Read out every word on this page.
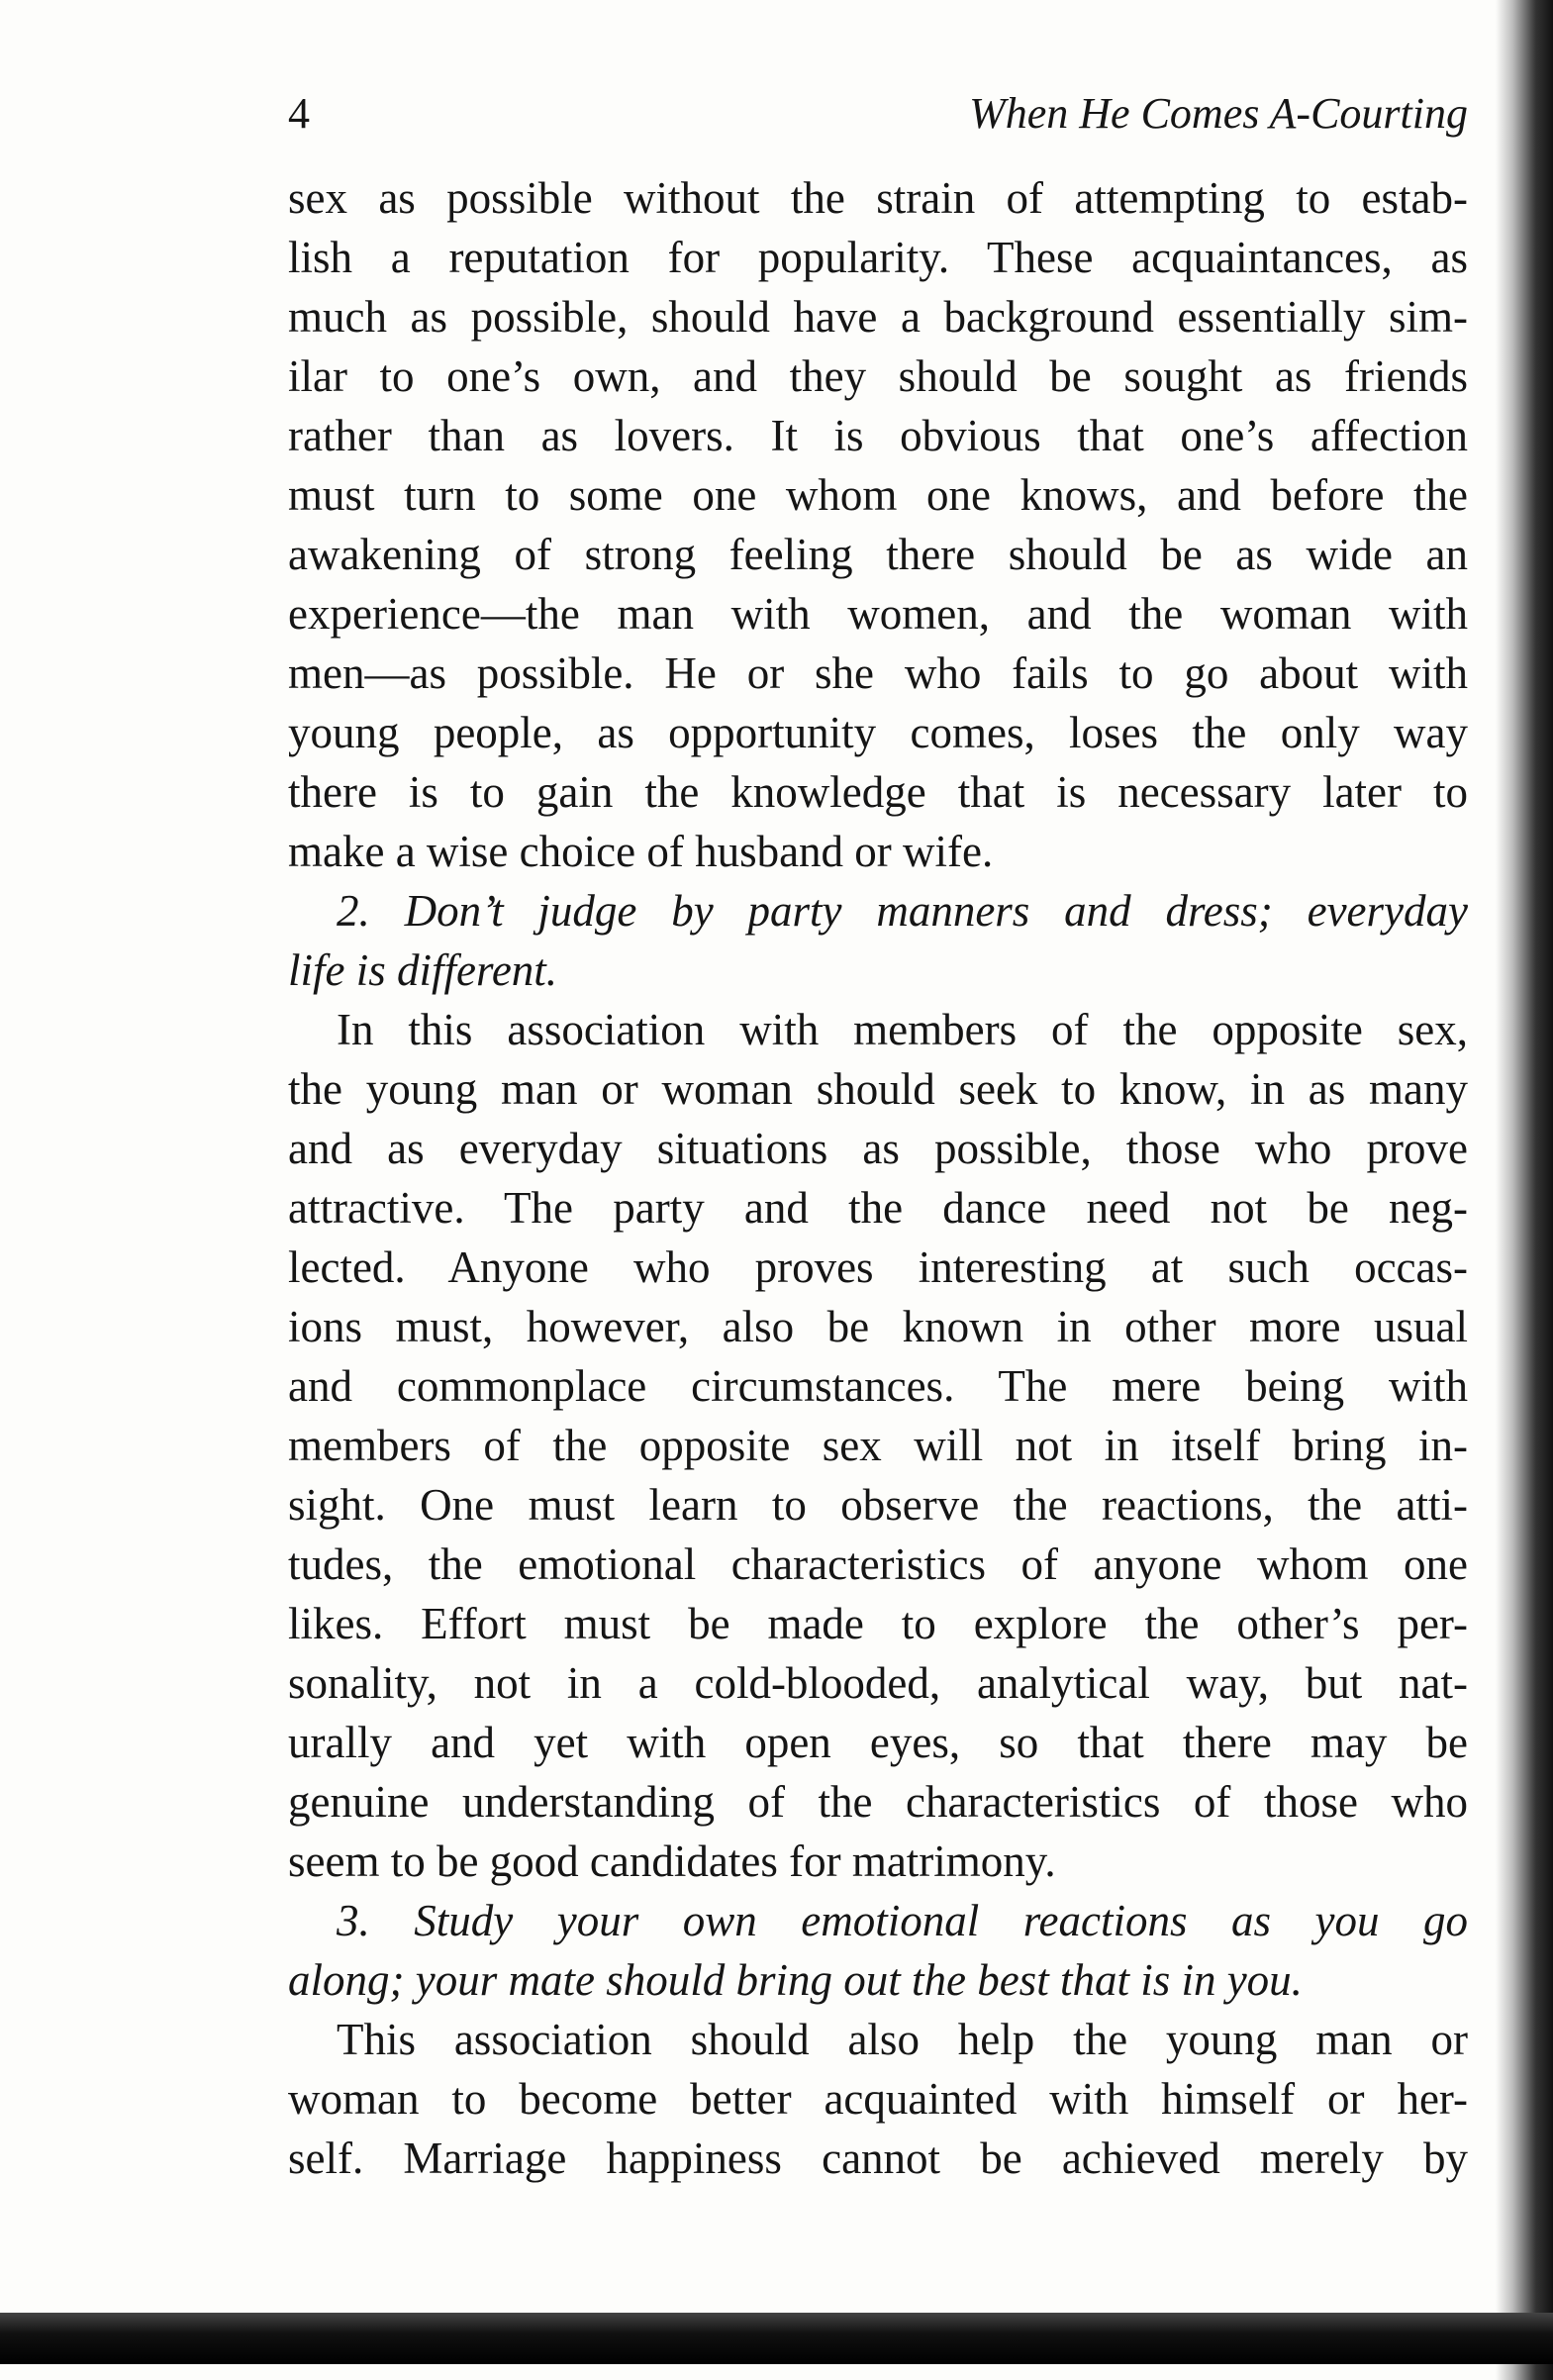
4	When He Comes A-Courting
sex as possible without the strain of attempting to estab-
lish a reputation for popularity. These acquaintances, as
much as possible, should have a background essentially sim-
ilar to one’s own, and they should be sought as friends
rather than as lovers. It is obvious that one’s affection
must turn to some one whom one knows, and before the
awakening of strong feeling there should be as wide an
experience—the man with women, and the woman with
men—as possible. He or she who fails to go about with
young people, as opportunity comes, loses the only way
there is to gain the knowledge that is necessary later to
make a wise choice of husband or wife.
2. Don’t judge by party manners and dress; everyday
life is different.
In this association with members of the opposite sex,
the young man or woman should seek to know, in as many
and as everyday situations as possible, those who prove
attractive. The party and the dance need not be neg-
lected. Anyone who proves interesting at such occas-
ions must, however, also be known in other more usual
and commonplace circumstances. The mere being with
members of the opposite sex will not in itself bring in-
sight. One must learn to observe the reactions, the atti-
tudes, the emotional characteristics of anyone whom one
likes. Effort must be made to explore the other’s per-
sonality, not in a cold-blooded, analytical way, but nat-
urally and yet with open eyes, so that there may be
genuine understanding of the characteristics of those who
seem to be good candidates for matrimony.
3. Study your own emotional reactions as you go
along; your mate should bring out the best that is in you.
This association should also help the young man or
woman to become better acquainted with himself or her-
self. Marriage happiness cannot be achieved merely by
